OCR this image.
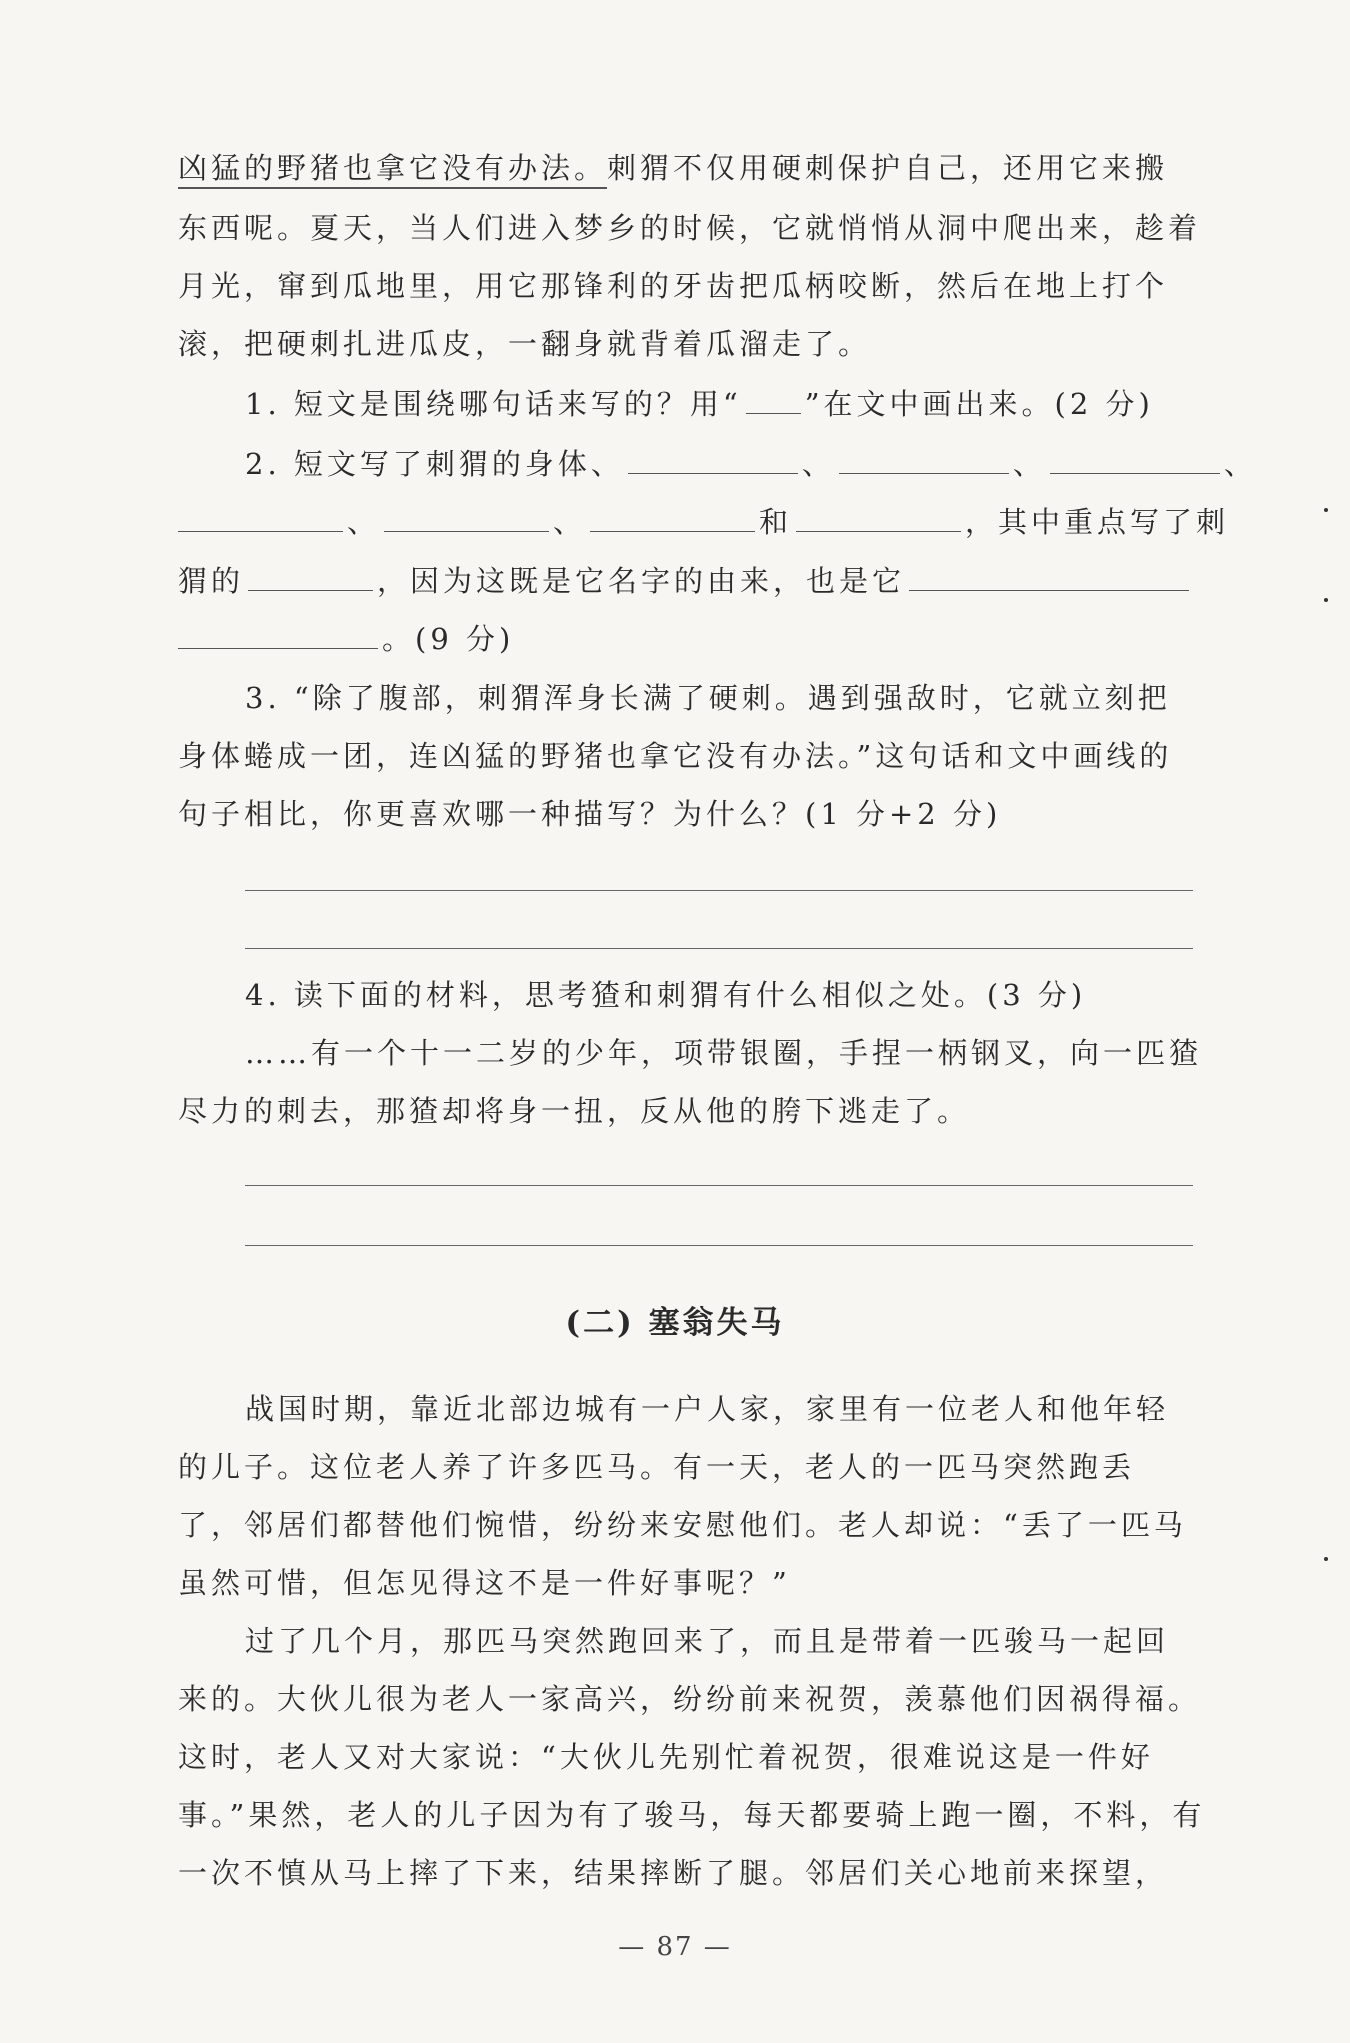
凶猛的野猪也拿它没有办法。刺猬不仅用硬刺保护自己，还用它来搬
东西呢。夏天，当人们进入梦乡的时候，它就悄悄从洞中爬出来，趁着
月光，窜到瓜地里，用它那锋利的牙齿把瓜柄咬断，然后在地上打个
滚，把硬刺扎进瓜皮，一翻身就背着瓜溜走了。
1. 短文是围绕哪句话来写的？用“ ”在文中画出来。(2 分)
2. 短文写了刺猬的身体、	、	、	、
、	、	和	，其中重点写了刺
猬的	，因为这既是它名字的由来，也是它
。(9 分)
3. “除了腹部，刺猬浑身长满了硬刺。遇到强敌时，它就立刻把
身体蜷成一团，连凶猛的野猪也拿它没有办法。”这句话和文中画线的
句子相比，你更喜欢哪一种描写？为什么？(1 分+2 分)
4. 读下面的材料，思考猹和刺猬有什么相似之处。(3 分)
……有一个十一二岁的少年，项带银圈，手捏一柄钢叉，向一匹猹
尽力的刺去，那猹却将身一扭，反从他的胯下逃走了。
(二) 塞翁失马
战国时期，靠近北部边城有一户人家，家里有一位老人和他年轻
的儿子。这位老人养了许多匹马。有一天，老人的一匹马突然跑丢
了，邻居们都替他们惋惜，纷纷来安慰他们。老人却说：“丢了一匹马
虽然可惜，但怎见得这不是一件好事呢？”
过了几个月，那匹马突然跑回来了，而且是带着一匹骏马一起回
来的。大伙儿很为老人一家高兴，纷纷前来祝贺，羡慕他们因祸得福。
这时，老人又对大家说：“大伙儿先别忙着祝贺，很难说这是一件好
事。”果然，老人的儿子因为有了骏马，每天都要骑上跑一圈，不料，有
一次不慎从马上摔了下来，结果摔断了腿。邻居们关心地前来探望，
— 87 —
